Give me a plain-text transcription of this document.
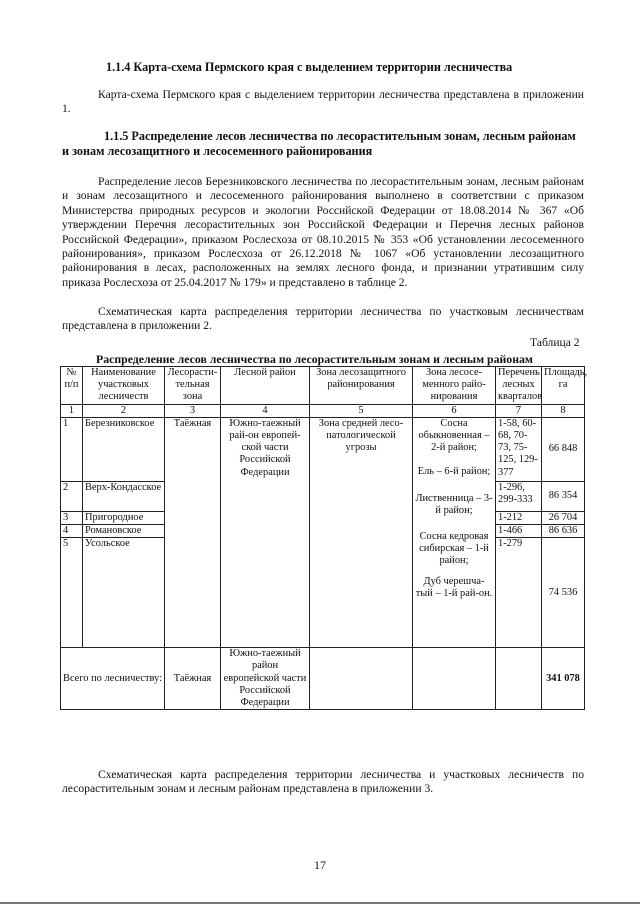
1.1.4 Карта-схема Пермского края с выделением территории лесничества
Карта-схема Пермского края с выделением территории лесничества представлена в приложении 1.
1.1.5 Распределение лесов лесничества по лесорастительным зонам, лесным районам
и зонам лесозащитного и лесосеменного районирования
Распределение лесов Березниковского лесничества по лесорастительным зонам, лесным районам и зонам лесозащитного и лесосеменного районирования выполнено в соответствии с приказом Министерства природных ресурсов и экологии Российской Федерации от 18.08.2014 № 367 «Об утверждении Перечня лесорастительных зон Российской Федерации и Перечня лесных районов Российской Федерации», приказом Рослесхоза от 08.10.2015 № 353 «Об установлении лесосеменного районирования», приказом Рослесхоза от 26.12.2018 № 1067 «Об установлении лесозащитного районирования в лесах, расположенных на землях лесного фонда, и признании утратившим силу приказа Рослесхоза от 25.04.2017 № 179» и представлено в таблице 2.
Схематическая карта распределения территории лесничества по участковым лесничествам представлена в приложении 2.
Таблица 2
Распределение лесов лесничества по лесорастительным зонам и лесным районам
№ п/п	Наименование участковых лесничеств	Лесорасти-тельная зона	Лесной район	Зона лесозащитного районирования	Зона лесосе-менного райо-нирования	Перечень лесных кварталов	Площадь, га
1	2	3	4	5	6	7	8
1	Березниковское	Таёжная	Южно-таежный рай-он европей-ской части Российской Федерации	Зона средней лесо-патологической угрозы	Сосна обыкновенная – 2-й район;
Ель – 6-й район;
Лиственница – 3-й район;
Сосна кедровая сибирская – 1-й район;
Дуб черешча-тый – 1-й рай-он.	1-58, 60-68, 70-73, 75-125, 129-377	66 848
2	Верх-Кондасское					1-296, 299-333	86 354
3	Пригородное					1-212	26 704
4	Романовское					1-466	86 636
5	Усольское					1-279	74 536
Всего по лесничеству:		Таёжная	Южно-таежный район европейской части Российской Федерации				341 078
Схематическая карта распределения территории лесничества и участковых лесничеств по лесорастительным зонам и лесным районам представлена в приложении 3.
17
